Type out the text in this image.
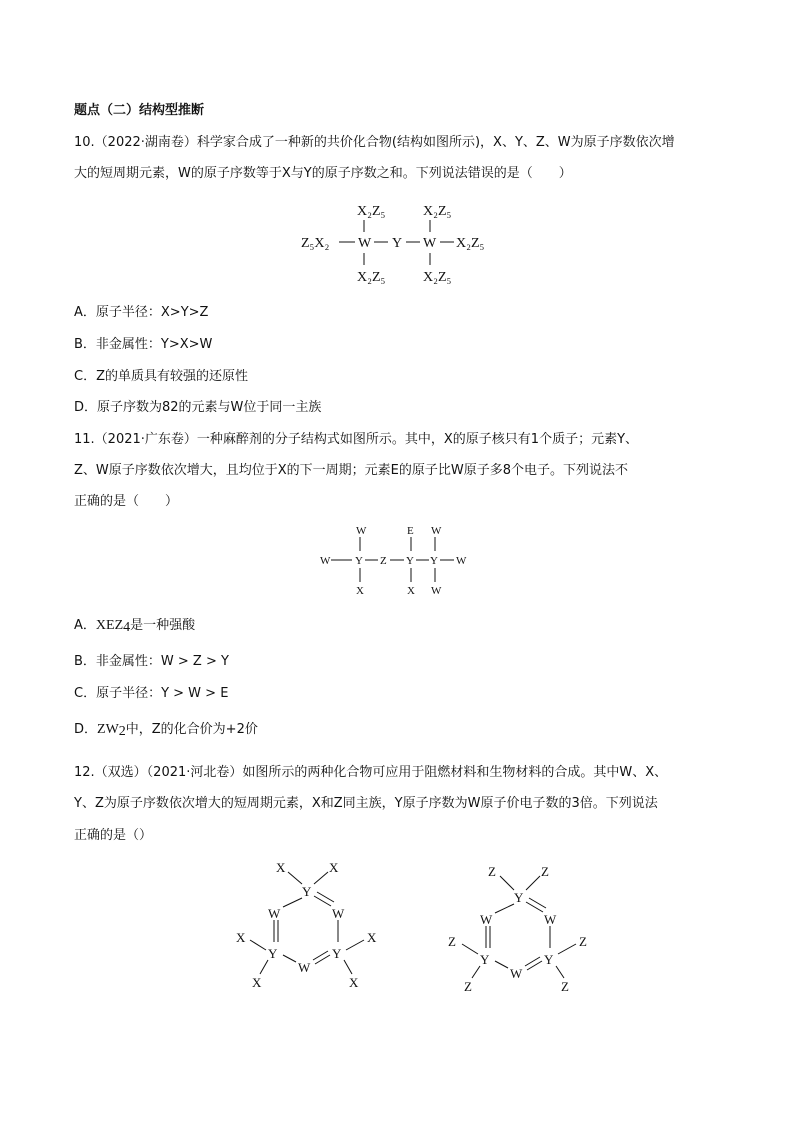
题点（二）结构型推断
10.（2022·湖南卷）科学家合成了一种新的共价化合物(结构如图所示)，X、Y、Z、W为原子序数依次增
大的短周期元素，W的原子序数等于X与Y的原子序数之和。下列说法错误的是（　　）
X₂Z₅	X₂Z₅
Z₅X₂ W Y W X₂Z₅
X₂Z₅	X₂Z₅
A．原子半径：X>Y>Z
B．非金属性：Y>X>W
C．Z的单质具有较强的还原性
D．原子序数为82的元素与W位于同一主族
11.（2021·广东卷）一种麻醉剂的分子结构式如图所示。其中，X的原子核只有1个质子；元素Y、
Z、W原子序数依次增大，且均位于X的下一周期；元素E的原子比W原子多8个电子。下列说法不
正确的是（　　）
W	E W
W Y Z Y Y W
X	X W
A．$XEZ_4$是一种强酸
B．非金属性：W > Z > Y
C．原子半径：Y > W > E
D．$ZW_2$中，Z的化合价为+2价
12.（双选）（2021·河北卷）如图所示的两种化合物可应用于阻燃材料和生物材料的合成。其中W、X、
Y、Z为原子序数依次增大的短周期元素，X和Z同主族，Y原子序数为W原子价电子数的3倍。下列说法
正确的是（）
X	X
Y
W	W
X	X
Y	Y
W
X	X
Z	Z
Y
W	W
Z	Z
Y	Y
W
Z	Z
